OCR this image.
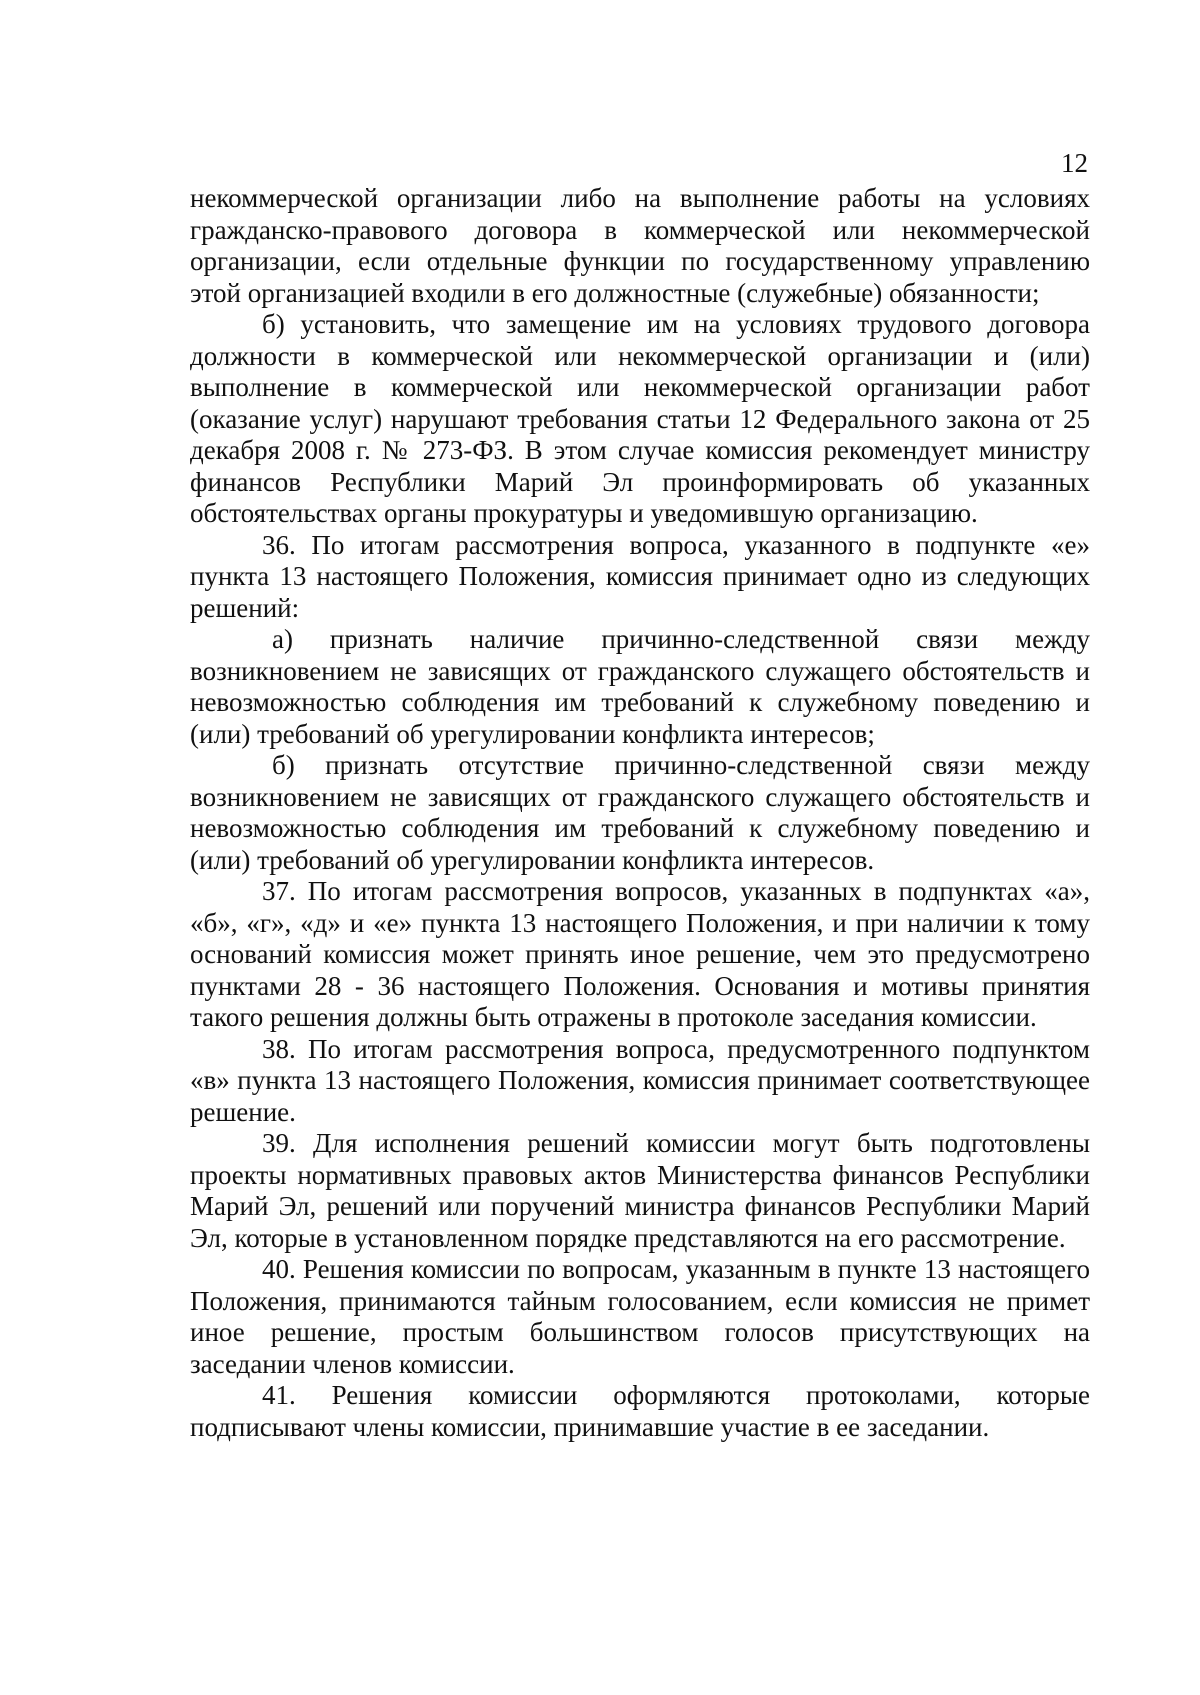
12

некоммерческой организации либо на выполнение работы на условиях гражданско-правового договора в коммерческой или некоммерческой организации, если отдельные функции по государственному управлению этой организацией входили в его должностные (служебные) обязанности;

б) установить, что замещение им на условиях трудового договора должности в коммерческой или некоммерческой организации и (или) выполнение в коммерческой или некоммерческой организации работ (оказание услуг) нарушают требования статьи 12 Федерального закона от 25 декабря 2008 г. № 273-ФЗ. В этом случае комиссия рекомендует министру финансов Республики Марий Эл проинформировать об указанных обстоятельствах органы прокуратуры и уведомившую организацию.

36. По итогам рассмотрения вопроса, указанного в подпункте «е» пункта 13 настоящего Положения, комиссия принимает одно из следующих решений:

а) признать наличие причинно-следственной связи между возникновением не зависящих от гражданского служащего обстоятельств и невозможностью соблюдения им требований к служебному поведению и (или) требований об урегулировании конфликта интересов;

б) признать отсутствие причинно-следственной связи между возникновением не зависящих от гражданского служащего обстоятельств и невозможностью соблюдения им требований к служебному поведению и (или) требований об урегулировании конфликта интересов.

37. По итогам рассмотрения вопросов, указанных в подпунктах «а», «б», «г», «д» и «е» пункта 13 настоящего Положения, и при наличии к тому оснований комиссия может принять иное решение, чем это предусмотрено пунктами 28 - 36 настоящего Положения. Основания и мотивы принятия такого решения должны быть отражены в протоколе заседания комиссии.

38. По итогам рассмотрения вопроса, предусмотренного подпунктом «в» пункта 13 настоящего Положения, комиссия принимает соответствующее решение.

39. Для исполнения решений комиссии могут быть подготовлены проекты нормативных правовых актов Министерства финансов Республики Марий Эл, решений или поручений министра финансов Республики Марий Эл, которые в установленном порядке представляются на его рассмотрение.

40. Решения комиссии по вопросам, указанным в пункте 13 настоящего Положения, принимаются тайным голосованием, если комиссия не примет иное решение, простым большинством голосов присутствующих на заседании членов комиссии.

41. Решения комиссии оформляются протоколами, которые подписывают члены комиссии, принимавшие участие в ее заседании.
